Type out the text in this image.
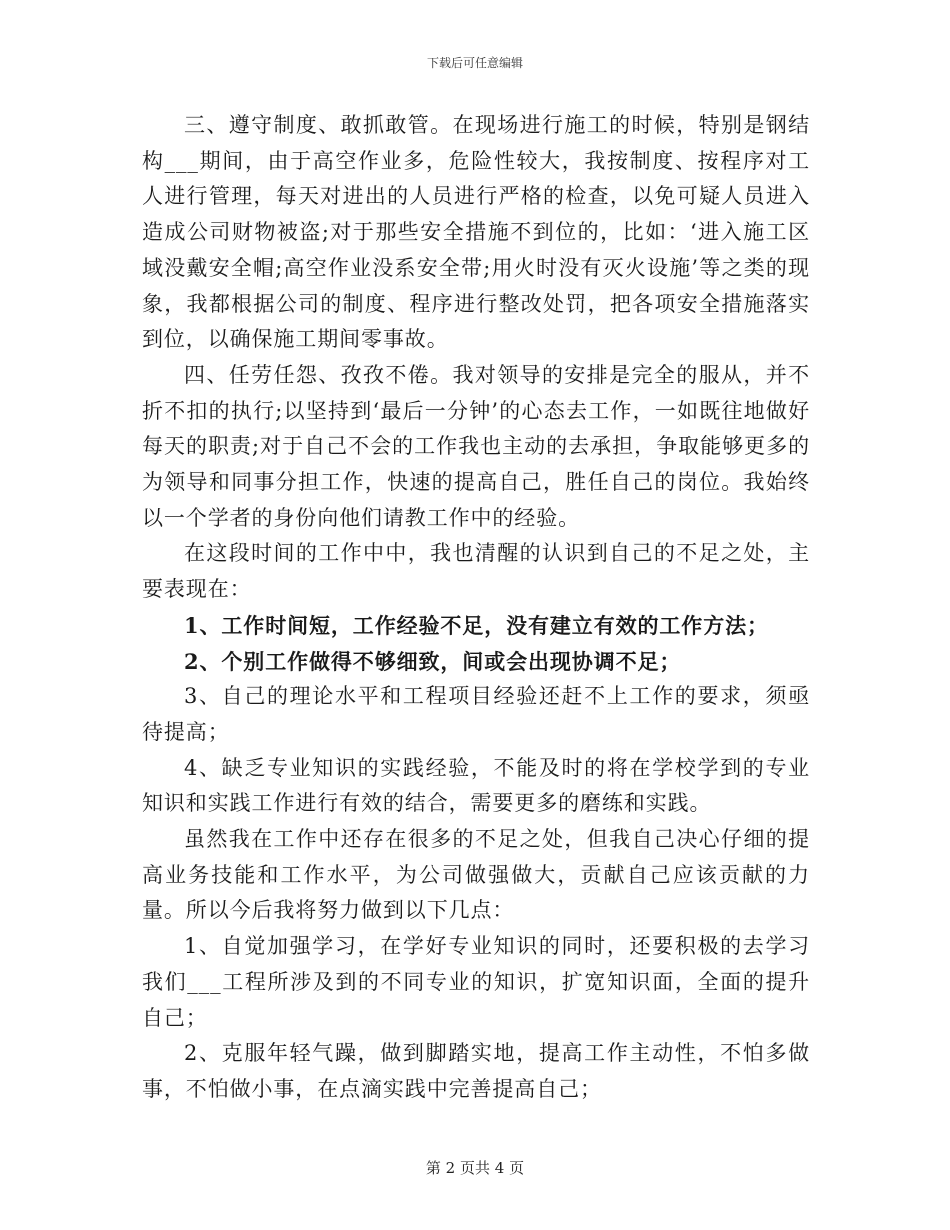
下载后可任意编辑

三、遵守制度、敢抓敢管。在现场进行施工的时候，特别是钢结构___期间，由于高空作业多，危险性较大，我按制度、按程序对工人进行管理，每天对进出的人员进行严格的检查，以免可疑人员进入造成公司财物被盗;对于那些安全措施不到位的，比如：‘进入施工区域没戴安全帽;高空作业没系安全带;用火时没有灭火设施’等之类的现象，我都根据公司的制度、程序进行整改处罚，把各项安全措施落实到位，以确保施工期间零事故。

四、任劳任怨、孜孜不倦。我对领导的安排是完全的服从，并不折不扣的执行;以坚持到‘最后一分钟’的心态去工作，一如既往地做好每天的职责;对于自己不会的工作我也主动的去承担，争取能够更多的为领导和同事分担工作，快速的提高自己，胜任自己的岗位。我始终以一个学者的身份向他们请教工作中的经验。

在这段时间的工作中中，我也清醒的认识到自己的不足之处，主要表现在：

1、工作时间短，工作经验不足，没有建立有效的工作方法；

2、个别工作做得不够细致，间或会出现协调不足；

3、自己的理论水平和工程项目经验还赶不上工作的要求，须亟待提高；

4、缺乏专业知识的实践经验，不能及时的将在学校学到的专业知识和实践工作进行有效的结合，需要更多的磨练和实践。

虽然我在工作中还存在很多的不足之处，但我自己决心仔细的提高业务技能和工作水平，为公司做强做大，贡献自己应该贡献的力量。所以今后我将努力做到以下几点：

1、自觉加强学习，在学好专业知识的同时，还要积极的去学习我们___工程所涉及到的不同专业的知识，扩宽知识面，全面的提升自己；

2、克服年轻气躁，做到脚踏实地，提高工作主动性，不怕多做事，不怕做小事，在点滴实践中完善提高自己；

第 2 页共 4 页
